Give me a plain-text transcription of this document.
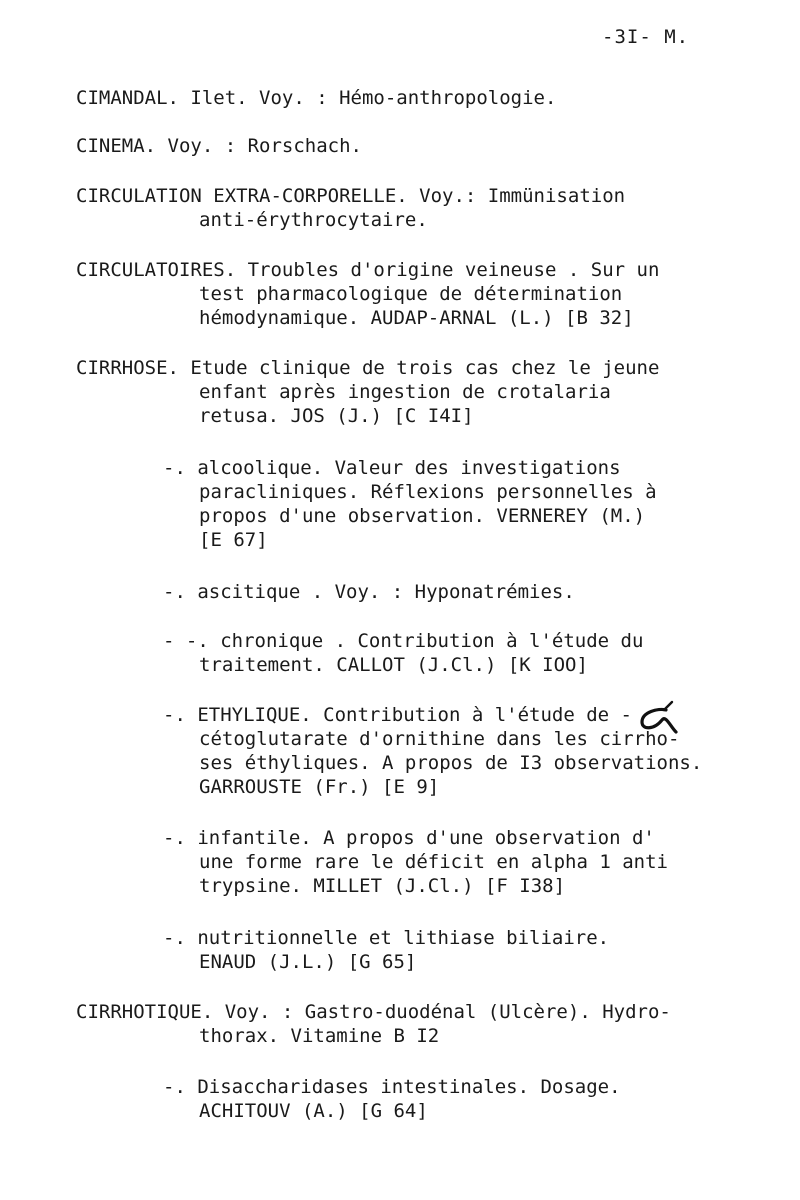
-3I- M.
CIMANDAL. Ilet. Voy. : Hémo-anthropologie.
CINEMA. Voy. : Rorschach.
CIRCULATION EXTRA-CORPORELLE. Voy.: Immünisation
anti-érythrocytaire.
CIRCULATOIRES. Troubles d'origine veineuse . Sur un
test pharmacologique de détermination
hémodynamique. AUDAP-ARNAL (L.) [B 32]
CIRRHOSE. Etude clinique de trois cas chez le jeune
enfant après ingestion de crotalaria
retusa. JOS (J.) [C I4I]
-. alcoolique. Valeur des investigations
paracliniques. Réflexions personnelles à
propos d'une observation. VERNEREY (M.)
[E 67]
-. ascitique . Voy. : Hyponatrémies.
- -. chronique . Contribution à l'étude du
traitement. CALLOT (J.Cl.) [K IOO]
-. ETHYLIQUE. Contribution à l'étude de -
cétoglutarate d'ornithine dans les cirrho-
ses éthyliques. A propos de I3 observations.
GARROUSTE (Fr.) [E 9]
-. infantile. A propos d'une observation d'
une forme rare le déficit en alpha 1 anti
trypsine. MILLET (J.Cl.) [F I38]
-. nutritionnelle et lithiase biliaire.
ENAUD (J.L.) [G 65]
CIRRHOTIQUE. Voy. : Gastro-duodénal (Ulcère). Hydro-
thorax. Vitamine B I2
-. Disaccharidases intestinales. Dosage.
ACHITOUV (A.) [G 64]
